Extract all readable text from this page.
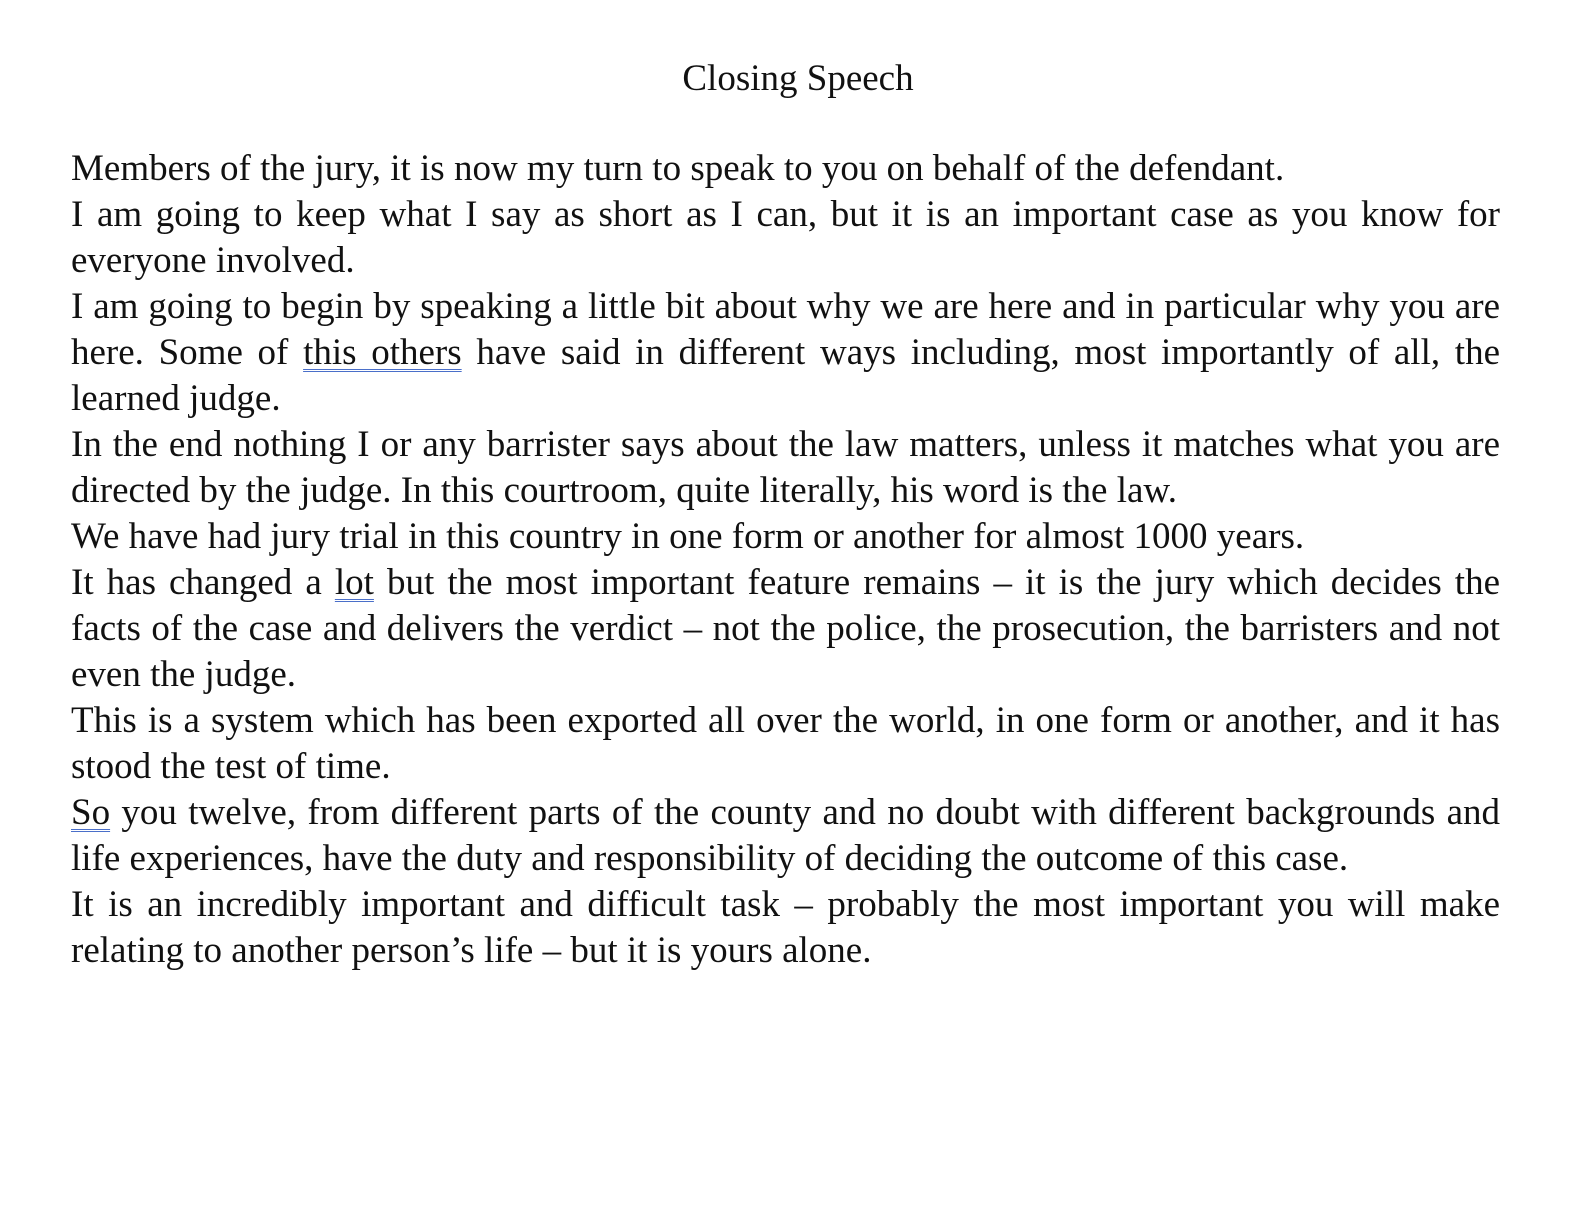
Closing Speech

Members of the jury, it is now my turn to speak to you on behalf of the defendant.

I am going to keep what I say as short as I can, but it is an important case as you know for everyone involved.

I am going to begin by speaking a little bit about why we are here and in particular why you are here. Some of this others have said in different ways including, most importantly of all, the learned judge.

In the end nothing I or any barrister says about the law matters, unless it matches what you are directed by the judge. In this courtroom, quite literally, his word is the law.

We have had jury trial in this country in one form or another for almost 1000 years.

It has changed a lot but the most important feature remains – it is the jury which decides the facts of the case and delivers the verdict – not the police, the prosecution, the barristers and not even the judge.

This is a system which has been exported all over the world, in one form or another, and it has stood the test of time.

So you twelve, from different parts of the county and no doubt with different backgrounds and life experiences, have the duty and responsibility of deciding the outcome of this case.

It is an incredibly important and difficult task – probably the most important you will make relating to another person’s life – but it is yours alone.
